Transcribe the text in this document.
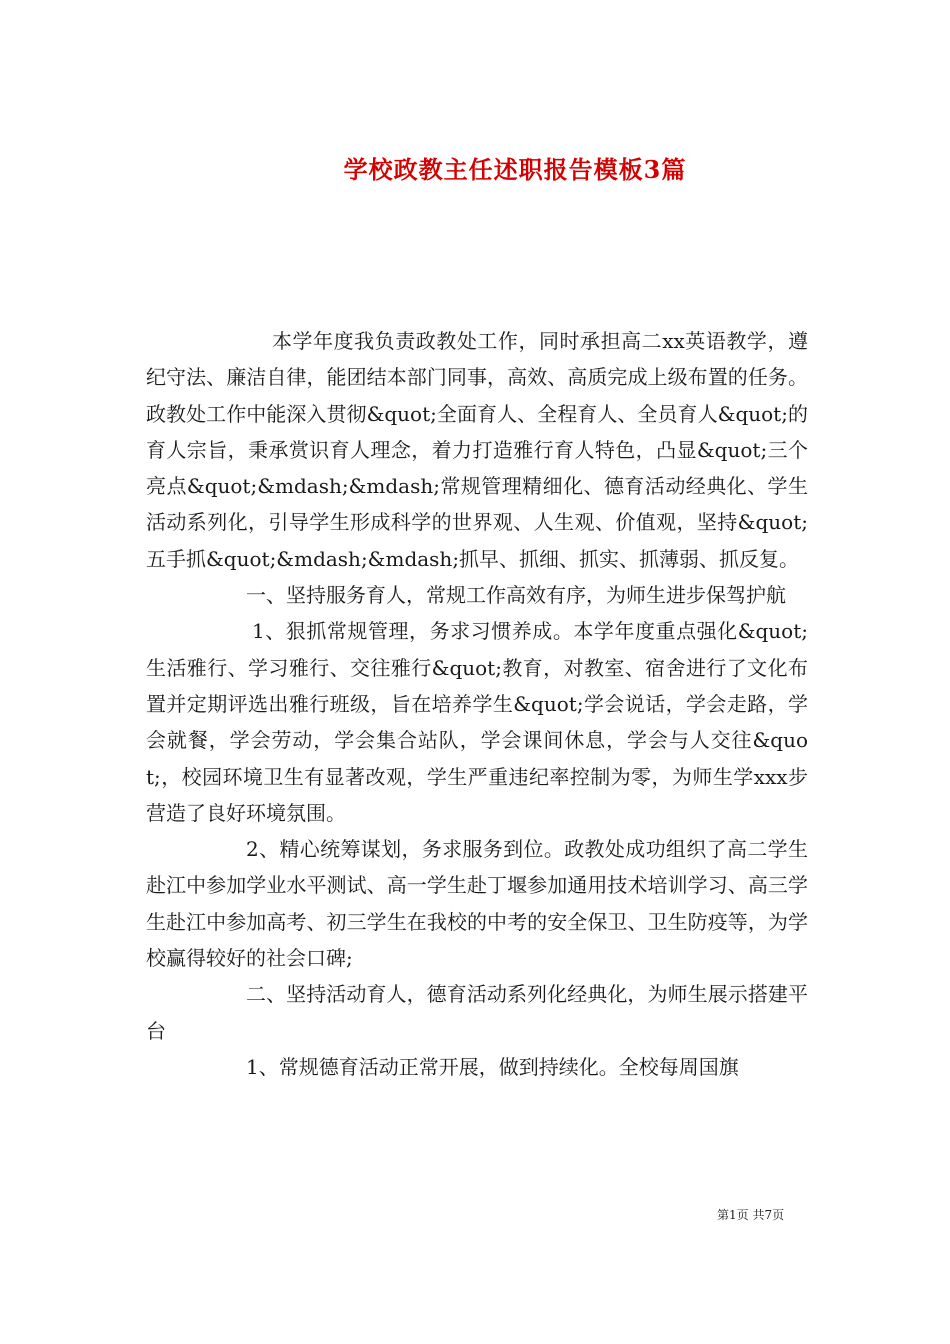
学校政教主任述职报告模板3篇

本学年度我负责政教处工作，同时承担高二xx英语教学，遵纪守法、廉洁自律，能团结本部门同事，高效、高质完成上级布置的任务。政教处工作中能深入贯彻&quot;全面育人、全程育人、全员育人&quot;的育人宗旨，秉承赏识育人理念，着力打造雅行育人特色，凸显&quot;三个亮点&quot;&mdash;&mdash;常规管理精细化、德育活动经典化、学生活动系列化，引导学生形成科学的世界观、人生观、价值观，坚持&quot;五手抓&quot;&mdash;&mdash;抓早、抓细、抓实、抓薄弱、抓反复。

一、坚持服务育人，常规工作高效有序，为师生进步保驾护航

1、狠抓常规管理，务求习惯养成。本学年度重点强化&quot;生活雅行、学习雅行、交往雅行&quot;教育，对教室、宿舍进行了文化布置并定期评选出雅行班级，旨在培养学生&quot;学会说话，学会走路，学会就餐，学会劳动，学会集合站队，学会课间休息，学会与人交往&quot;，校园环境卫生有显著改观，学生严重违纪率控制为零，为师生学xxx步营造了良好环境氛围。

2、精心统筹谋划，务求服务到位。政教处成功组织了高二学生赴江中参加学业水平测试、高一学生赴丁堰参加通用技术培训学习、高三学生赴江中参加高考、初三学生在我校的中考的安全保卫、卫生防疫等，为学校赢得较好的社会口碑;

二、坚持活动育人，德育活动系列化经典化，为师生展示搭建平台

1、常规德育活动正常开展，做到持续化。全校每周国旗

第1页 共7页
